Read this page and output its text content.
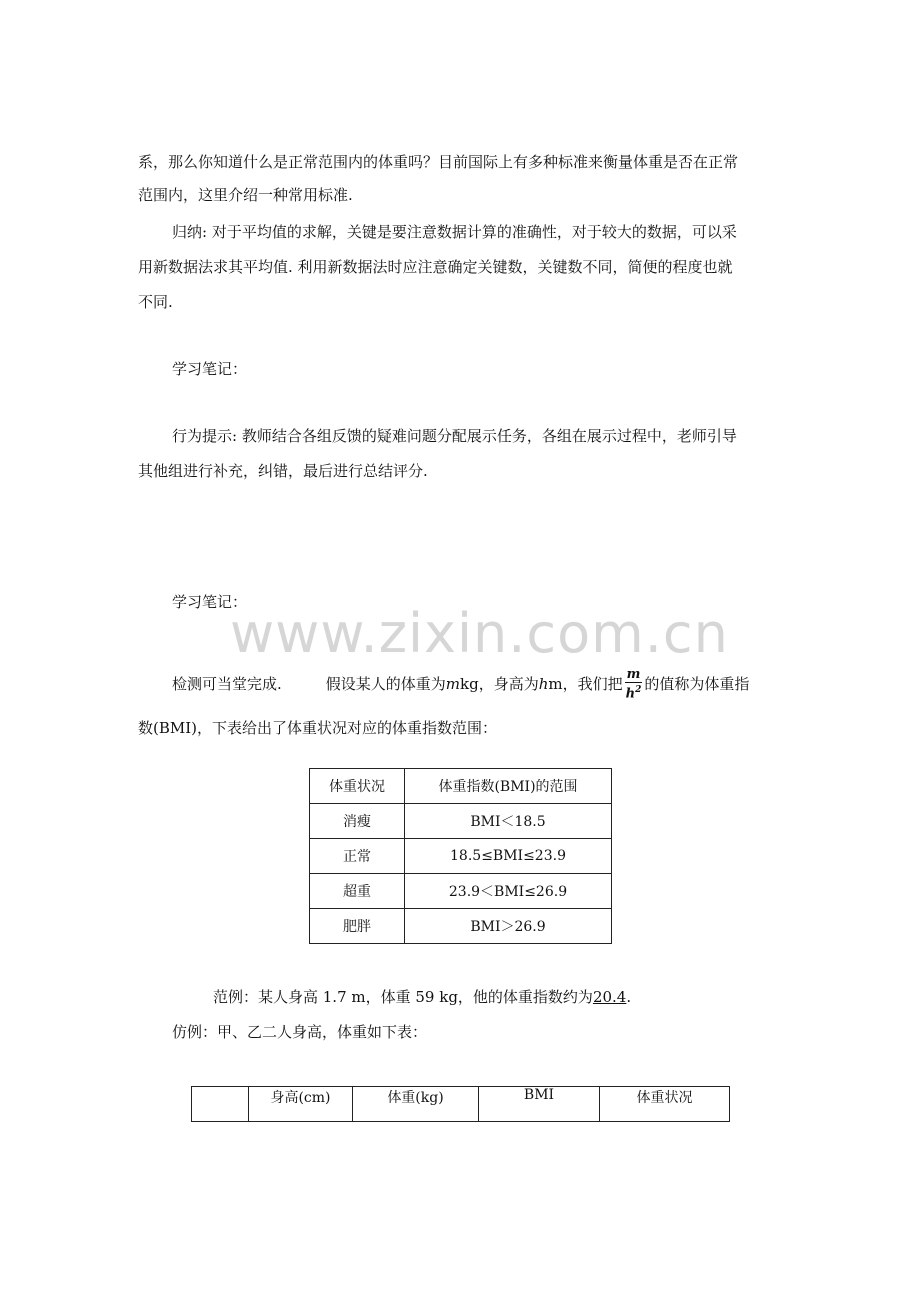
www.zixin.com.cn
系，那么你知道什么是正常范围内的体重吗？目前国际上有多种标准来衡量体重是否在正常
范围内，这里介绍一种常用标准.
归纳: 对于平均值的求解，关键是要注意数据计算的准确性，对于较大的数据，可以采
用新数据法求其平均值. 利用新数据法时应注意确定关键数，关键数不同，简便的程度也就
不同.
学习笔记：
行为提示: 教师结合各组反馈的疑难问题分配展示任务，各组在展示过程中，老师引导
其他组进行补充，纠错，最后进行总结评分.
学习笔记：
检测可当堂完成.	假设某人的体重为mkg，身高为hm，我们把 $\frac{m}{h^2}$ 的值称为体重指
数(BMI)，下表给出了体重状况对应的体重指数范围：
体重状况	体重指数(BMI)的范围
消瘦	BMI＜18.5
正常	18.5≤BMI≤23.9
超重	23.9＜BMI≤26.9
肥胖	BMI＞26.9
范例：某人身高 1.7 m，体重 59 kg，他的体重指数约为20.4.
仿例：甲、乙二人身高，体重如下表：
	身高(cm)	体重(kg)	BMI	体重状况
